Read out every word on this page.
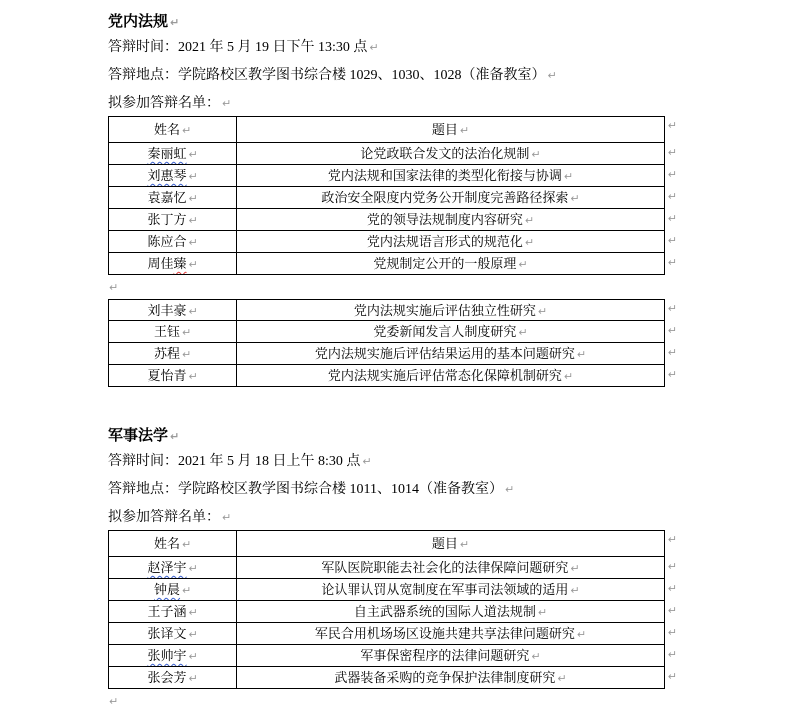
党内法规 ↵
答辩时间：2021 年 5 月 19 日下午 13:30 点 ↵
答辩地点：学院路校区教学图书综合楼 1029、1030、1028（准备教室） ↵
拟参加答辩名单： ↵
姓名 ↵	题目 ↵	↵
秦丽虹 ↵	论党政联合发文的法治化规制 ↵	↵
刘惠琴 ↵	党内法规和国家法律的类型化衔接与协调 ↵	↵
袁嘉忆 ↵	政治安全限度内党务公开制度完善路径探索 ↵	↵
张丁方 ↵	党的领导法规制度内容研究 ↵	↵
陈应合 ↵	党内法规语言形式的规范化 ↵	↵
周佳臻 ↵	党规制定公开的一般原理 ↵	↵
↵
刘丰豪 ↵	党内法规实施后评估独立性研究 ↵	↵
王钰 ↵	党委新闻发言人制度研究 ↵	↵
苏程 ↵	党内法规实施后评估结果运用的基本问题研究 ↵	↵
夏怡青 ↵	党内法规实施后评估常态化保障机制研究 ↵	↵
军事法学 ↵
答辩时间：2021 年 5 月 18 日上午 8:30 点 ↵
答辩地点：学院路校区教学图书综合楼 1011、1014（准备教室） ↵
拟参加答辩名单： ↵
姓名 ↵	题目 ↵	↵
赵泽宇 ↵	军队医院职能去社会化的法律保障问题研究 ↵	↵
钟晨 ↵	论认罪认罚从宽制度在军事司法领域的适用 ↵	↵
王子涵 ↵	自主武器系统的国际人道法规制 ↵	↵
张译文 ↵	军民合用机场场区设施共建共享法律问题研究 ↵	↵
张帅宇 ↵	军事保密程序的法律问题研究 ↵	↵
张会芳 ↵	武器装备采购的竞争保护法律制度研究 ↵	↵
↵
